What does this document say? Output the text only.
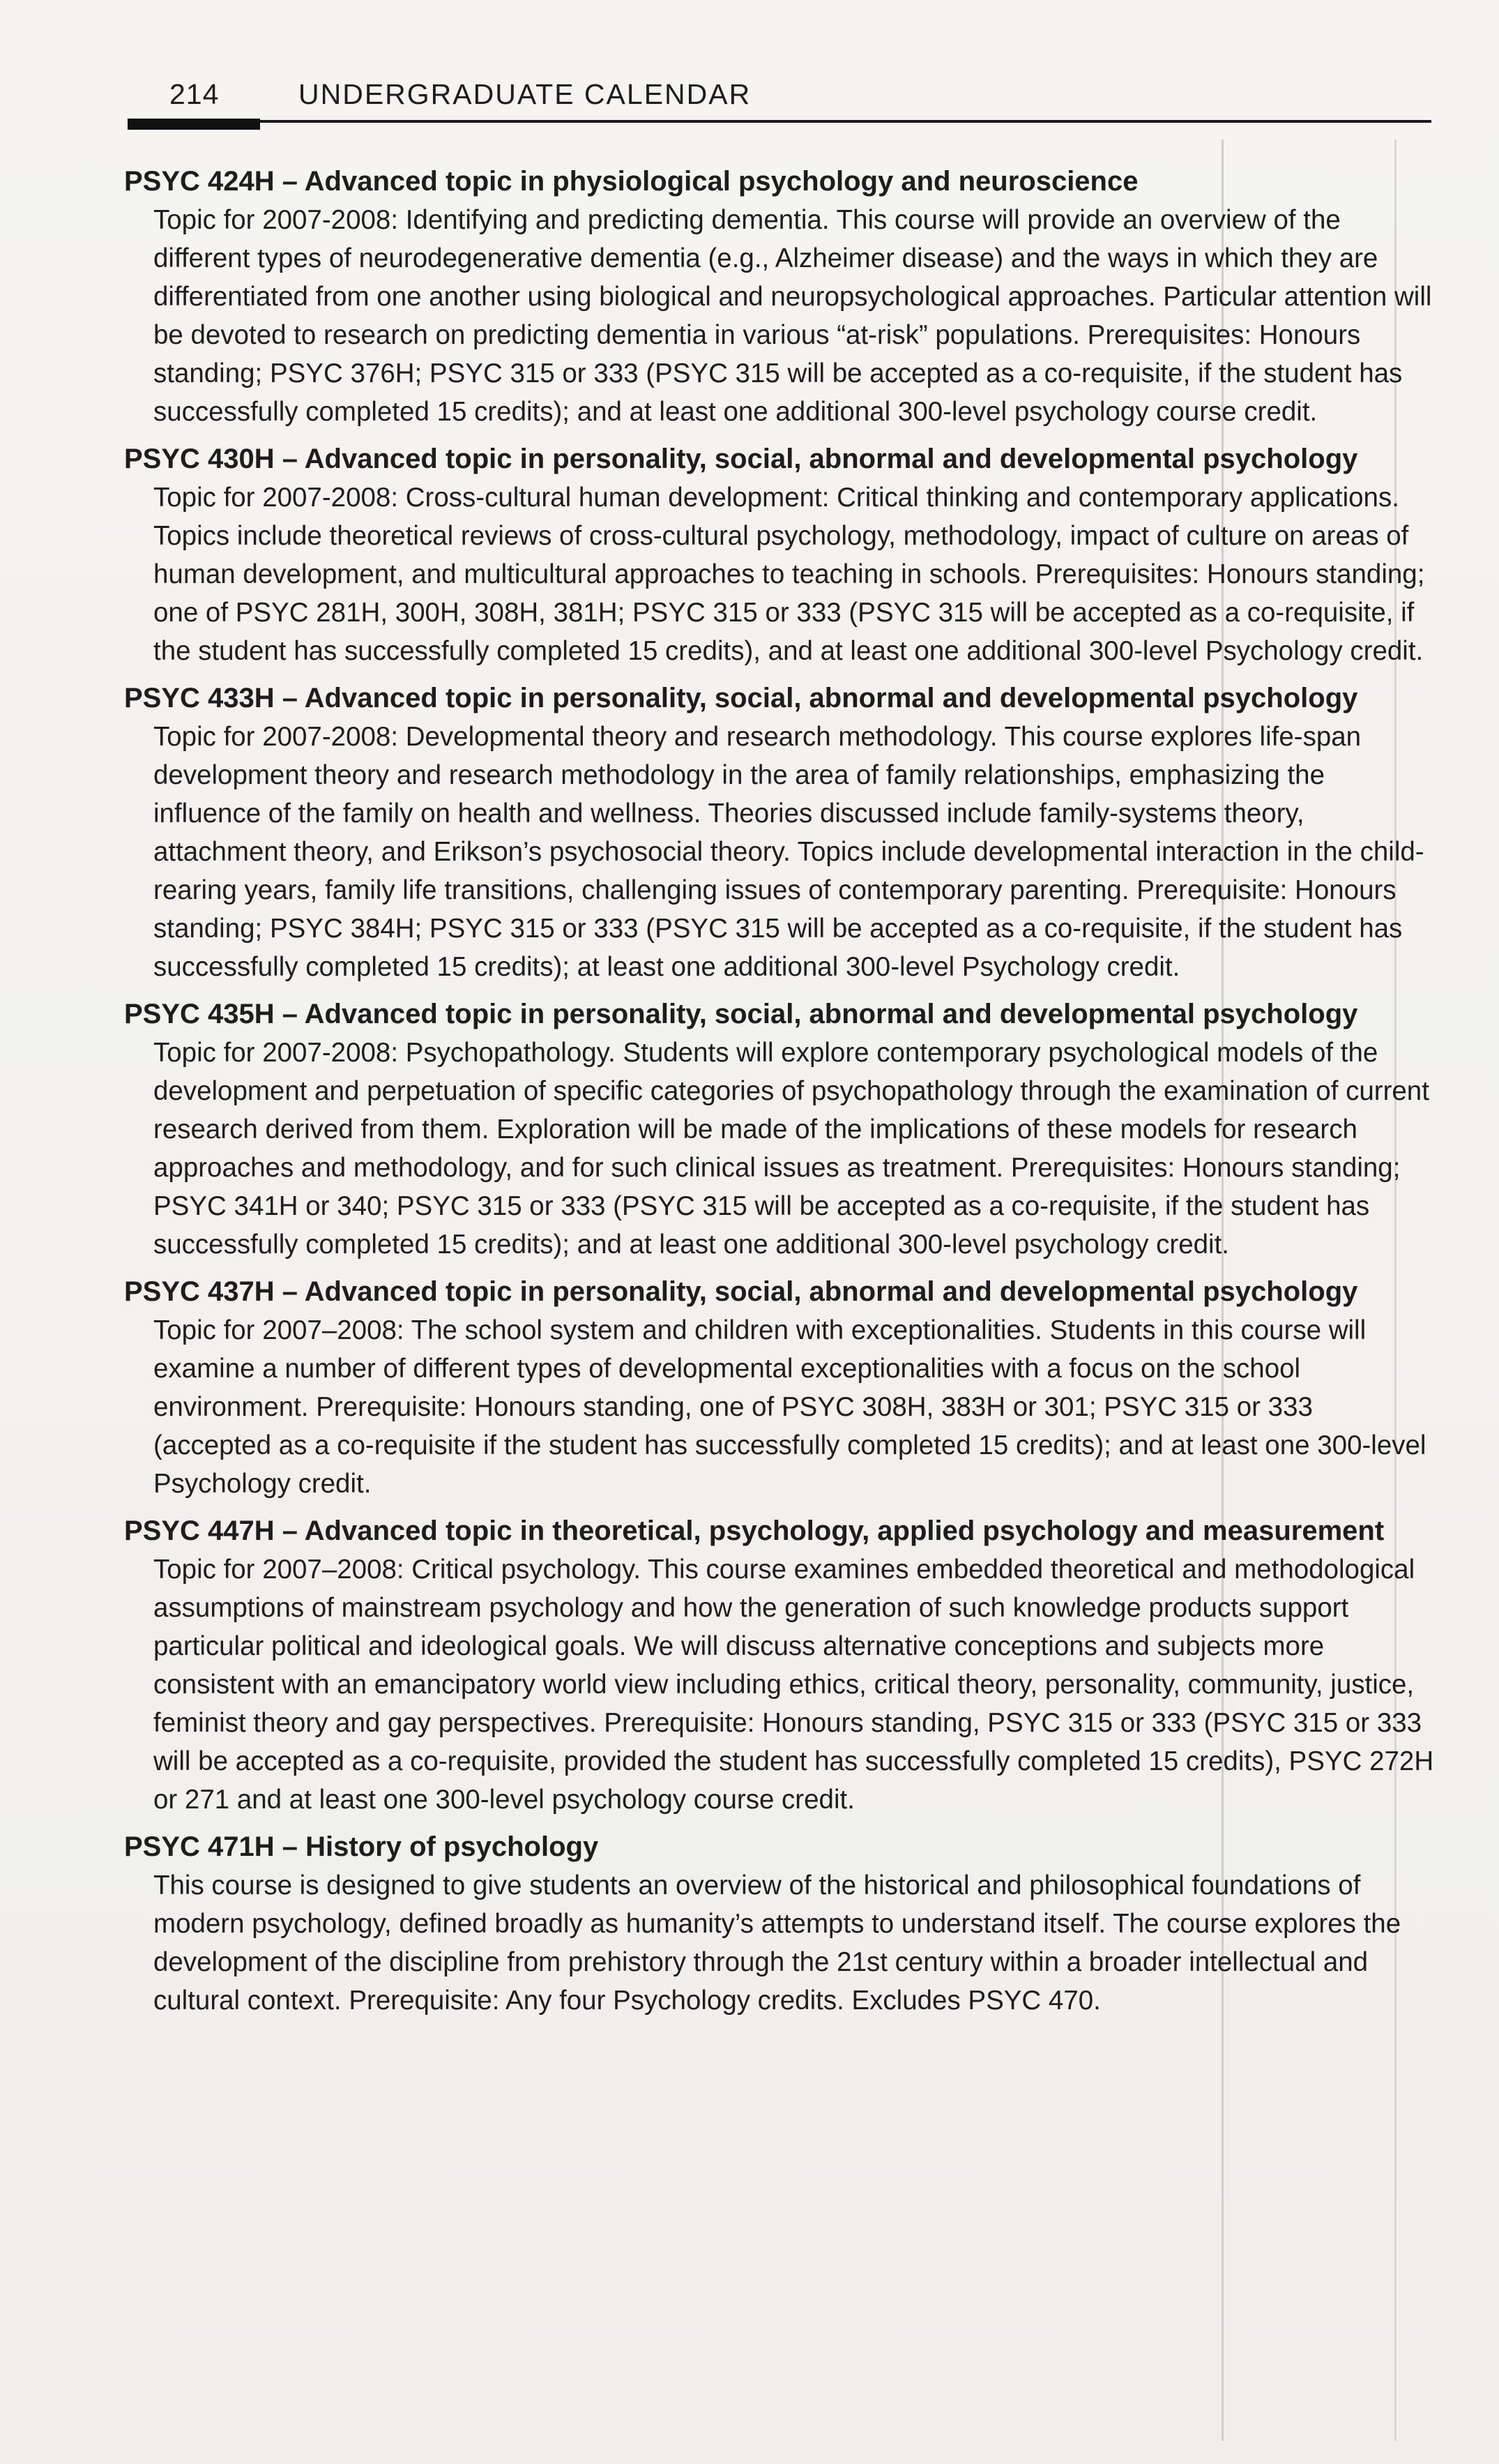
214	UNDERGRADUATE CALENDAR

PSYC 424H – Advanced topic in physiological psychology and neuroscience

Topic for 2007-2008: Identifying and predicting dementia. This course will provide an overview of the different types of neurodegenerative dementia (e.g., Alzheimer disease) and the ways in which they are differentiated from one another using biological and neuropsychological approaches. Particular attention will be devoted to research on predicting dementia in various “at-risk” populations. Prerequisites: Honours standing; PSYC 376H; PSYC 315 or 333 (PSYC 315 will be accepted as a co-requisite, if the student has successfully completed 15 credits); and at least one additional 300-level psychology course credit.

PSYC 430H – Advanced topic in personality, social, abnormal and developmental psychology

Topic for 2007-2008: Cross-cultural human development: Critical thinking and contemporary applications. Topics include theoretical reviews of cross-cultural psychology, methodology, impact of culture on areas of human development, and multicultural approaches to teaching in schools. Prerequisites: Honours standing; one of PSYC 281H, 300H, 308H, 381H; PSYC 315 or 333 (PSYC 315 will be accepted as a co-requisite, if the student has successfully completed 15 credits), and at least one additional 300-level Psychology credit.

PSYC 433H – Advanced topic in personality, social, abnormal and developmental psychology

Topic for 2007-2008: Developmental theory and research methodology. This course explores life-span development theory and research methodology in the area of family relationships, emphasizing the influence of the family on health and wellness. Theories discussed include family-systems theory, attachment theory, and Erikson’s psychosocial theory. Topics include developmental interaction in the child-rearing years, family life transitions, challenging issues of contemporary parenting. Prerequisite: Honours standing; PSYC 384H; PSYC 315 or 333 (PSYC 315 will be accepted as a co-requisite, if the student has successfully completed 15 credits); at least one additional 300-level Psychology credit.

PSYC 435H – Advanced topic in personality, social, abnormal and developmental psychology

Topic for 2007-2008: Psychopathology. Students will explore contemporary psychological models of the development and perpetuation of specific categories of psychopathology through the examination of current research derived from them. Exploration will be made of the implications of these models for research approaches and methodology, and for such clinical issues as treatment. Prerequisites: Honours standing; PSYC 341H or 340; PSYC 315 or 333 (PSYC 315 will be accepted as a co-requisite, if the student has successfully completed 15 credits); and at least one additional 300-level psychology credit.

PSYC 437H – Advanced topic in personality, social, abnormal and developmental psychology

Topic for 2007–2008: The school system and children with exceptionalities. Students in this course will examine a number of different types of developmental exceptionalities with a focus on the school environment. Prerequisite: Honours standing, one of PSYC 308H, 383H or 301; PSYC 315 or 333 (accepted as a co-requisite if the student has successfully completed 15 credits); and at least one 300-level Psychology credit.

PSYC 447H – Advanced topic in theoretical, psychology, applied psychology and measurement

Topic for 2007–2008: Critical psychology. This course examines embedded theoretical and methodological assumptions of mainstream psychology and how the generation of such knowledge products support particular political and ideological goals. We will discuss alternative conceptions and subjects more consistent with an emancipatory world view including ethics, critical theory, personality, community, justice, feminist theory and gay perspectives. Prerequisite: Honours standing, PSYC 315 or 333 (PSYC 315 or 333 will be accepted as a co-requisite, provided the student has successfully completed 15 credits), PSYC 272H or 271 and at least one 300-level psychology course credit.

PSYC 471H – History of psychology

This course is designed to give students an overview of the historical and philosophical foundations of modern psychology, defined broadly as humanity’s attempts to understand itself. The course explores the development of the discipline from prehistory through the 21st century within a broader intellectual and cultural context. Prerequisite: Any four Psychology credits. Excludes PSYC 470.
